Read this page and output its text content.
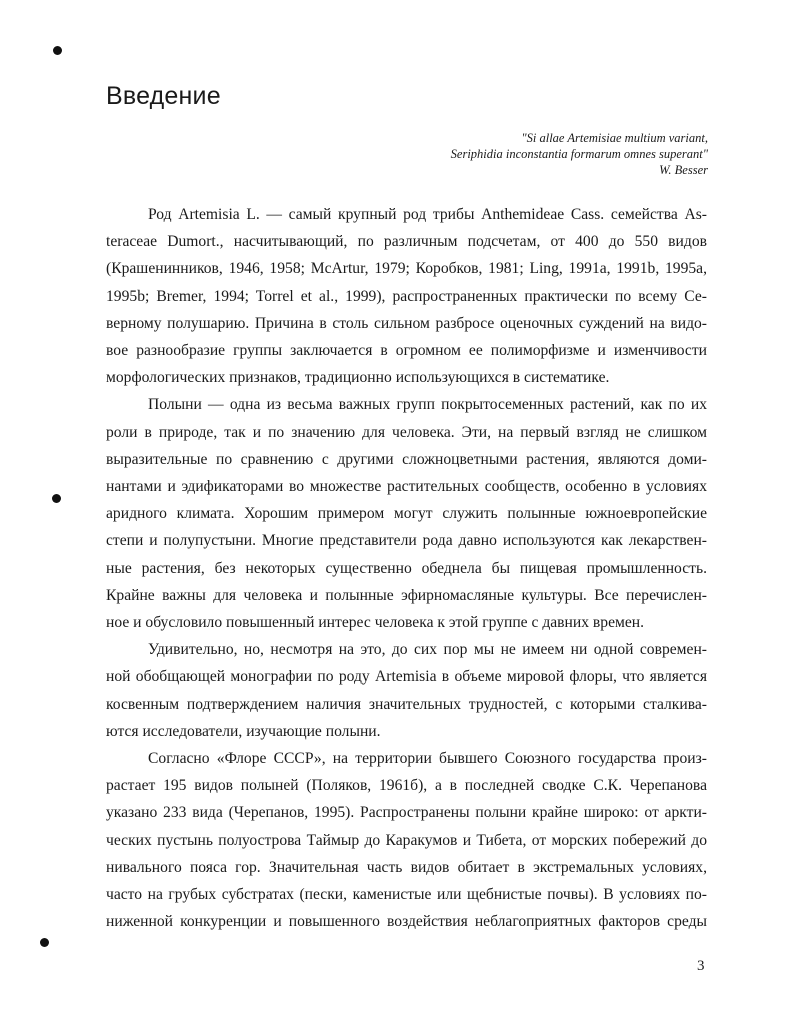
Введение
"Si allae Artemisiae multium variant,
Seriphidia inconstantia formarum omnes superant"
W. Besser
Род Artemisia L. — самый крупный род трибы Anthemideae Cass. семейства As-
teraceae Dumort., насчитывающий, по различным подсчетам, от 400 до 550 видов
(Крашенинников, 1946, 1958; McArtur, 1979; Коробков, 1981; Ling, 1991a, 1991b, 1995a,
1995b; Bremer, 1994; Torrel et al., 1999), распространенных практически по всему Се-
верному полушарию. Причина в столь сильном разбросе оценочных суждений на видо-
вое разнообразие группы заключается в огромном ее полиморфизме и изменчивости
морфологических признаков, традиционно использующихся в систематике.
Полыни — одна из весьма важных групп покрытосеменных растений, как по их
роли в природе, так и по значению для человека. Эти, на первый взгляд не слишком
выразительные по сравнению с другими сложноцветными растения, являются доми-
нантами и эдификаторами во множестве растительных сообществ, особенно в условиях
аридного климата. Хорошим примером могут служить полынные южноевропейские
степи и полупустыни. Многие представители рода давно используются как лекарствен-
ные растения, без некоторых существенно обеднела бы пищевая промышленность.
Крайне важны для человека и полынные эфирномасляные культуры. Все перечислен-
ное и обусловило повышенный интерес человека к этой группе с давних времен.
Удивительно, но, несмотря на это, до сих пор мы не имеем ни одной современ-
ной обобщающей монографии по роду Artemisia в объеме мировой флоры, что является
косвенным подтверждением наличия значительных трудностей, с которыми сталкива-
ются исследователи, изучающие полыни.
Согласно «Флоре СССР», на территории бывшего Союзного государства произ-
растает 195 видов полыней (Поляков, 1961б), а в последней сводке С.К. Черепанова
указано 233 вида (Черепанов, 1995). Распространены полыни крайне широко: от аркти-
ческих пустынь полуострова Таймыр до Каракумов и Тибета, от морских побережий до
нивального пояса гор. Значительная часть видов обитает в экстремальных условиях,
часто на грубых субстратах (пески, каменистые или щебнистые почвы). В условиях по-
ниженной конкуренции и повышенного воздействия неблагоприятных факторов среды
3
